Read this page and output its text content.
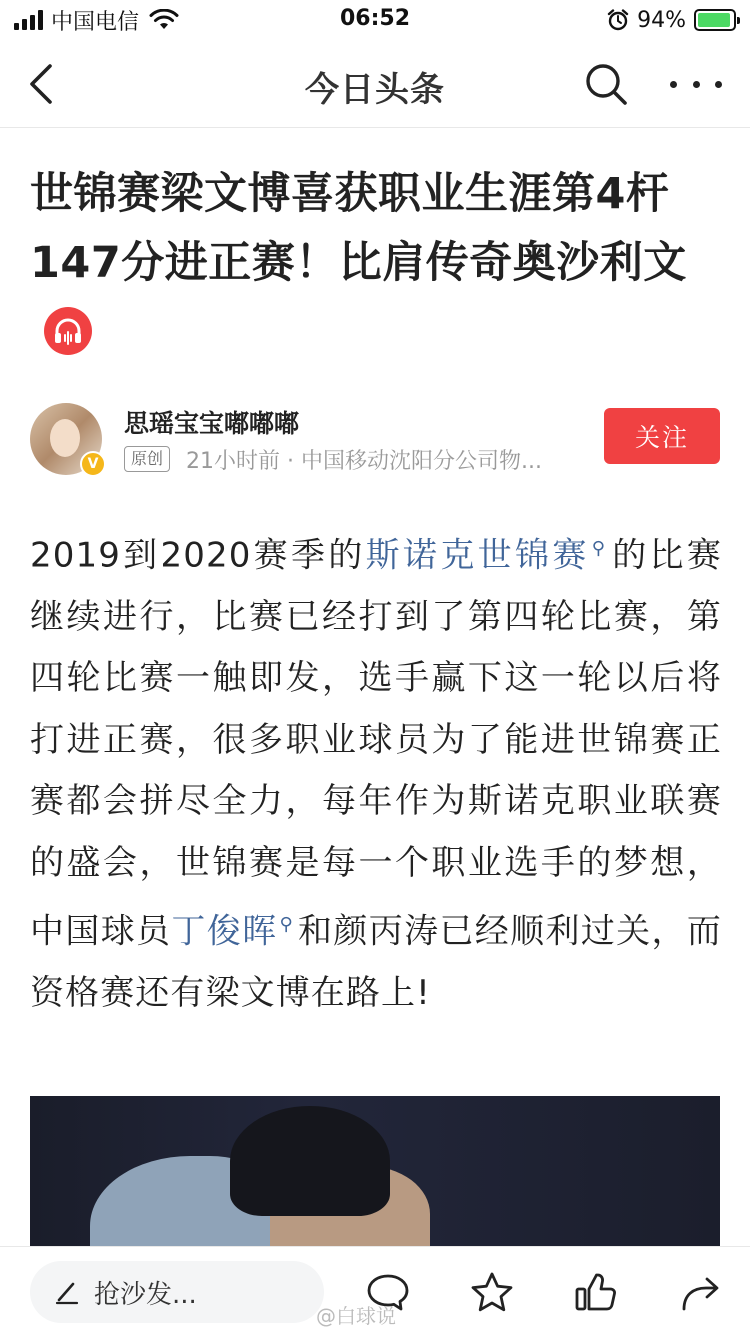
中国电信	06:52	94%
今日头条
世锦赛梁文博喜获职业生涯第4杆147分进正赛！比肩传奇奥沙利文
V
思瑶宝宝嘟嘟嘟
原创	21小时前 · 中国移动沈阳分公司物...
关注
2019到2020赛季的斯诺克世锦赛 ⚲ 的比赛继续进行，比赛已经打到了第四轮比赛，第四轮比赛一触即发，选手赢下这一轮以后将打进正赛，很多职业球员为了能进世锦赛正赛都会拼尽全力，每年作为斯诺克职业联赛的盛会，世锦赛是每一个职业选手的梦想，中国球员丁俊晖 ⚲ 和颜丙涛已经顺利过关，而资格赛还有梁文博在路上!
抢沙发...
@白球说
